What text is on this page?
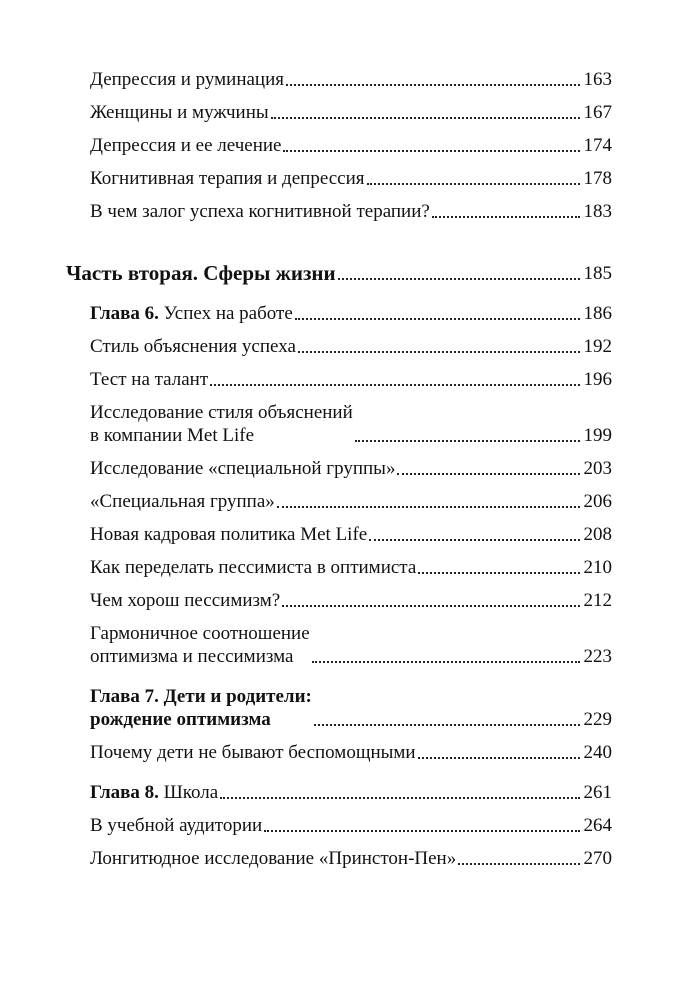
Депрессия и руминация	163
Женщины и мужчины	167
Депрессия и ее лечение	174
Когнитивная терапия и депрессия	178
В чем залог успеха когнитивной терапии?	183
Часть вторая. Сферы жизни	185
Глава 6. Успех на работе	186
Стиль объяснения успеха	192
Тест на талант	196
Исследование стиля объяснений
в компании Met Life	199
Исследование «специальной группы»	203
«Специальная группа»	206
Новая кадровая политика Met Life	208
Как переделать пессимиста в оптимиста	210
Чем хорош пессимизм?	212
Гармоничное соотношение
оптимизма и пессимизма	223
Глава 7. Дети и родители:
рождение оптимизма	229
Почему дети не бывают беспомощными	240
Глава 8. Школа	261
В учебной аудитории	264
Лонгитюдное исследование «Принстон-Пен»	270
